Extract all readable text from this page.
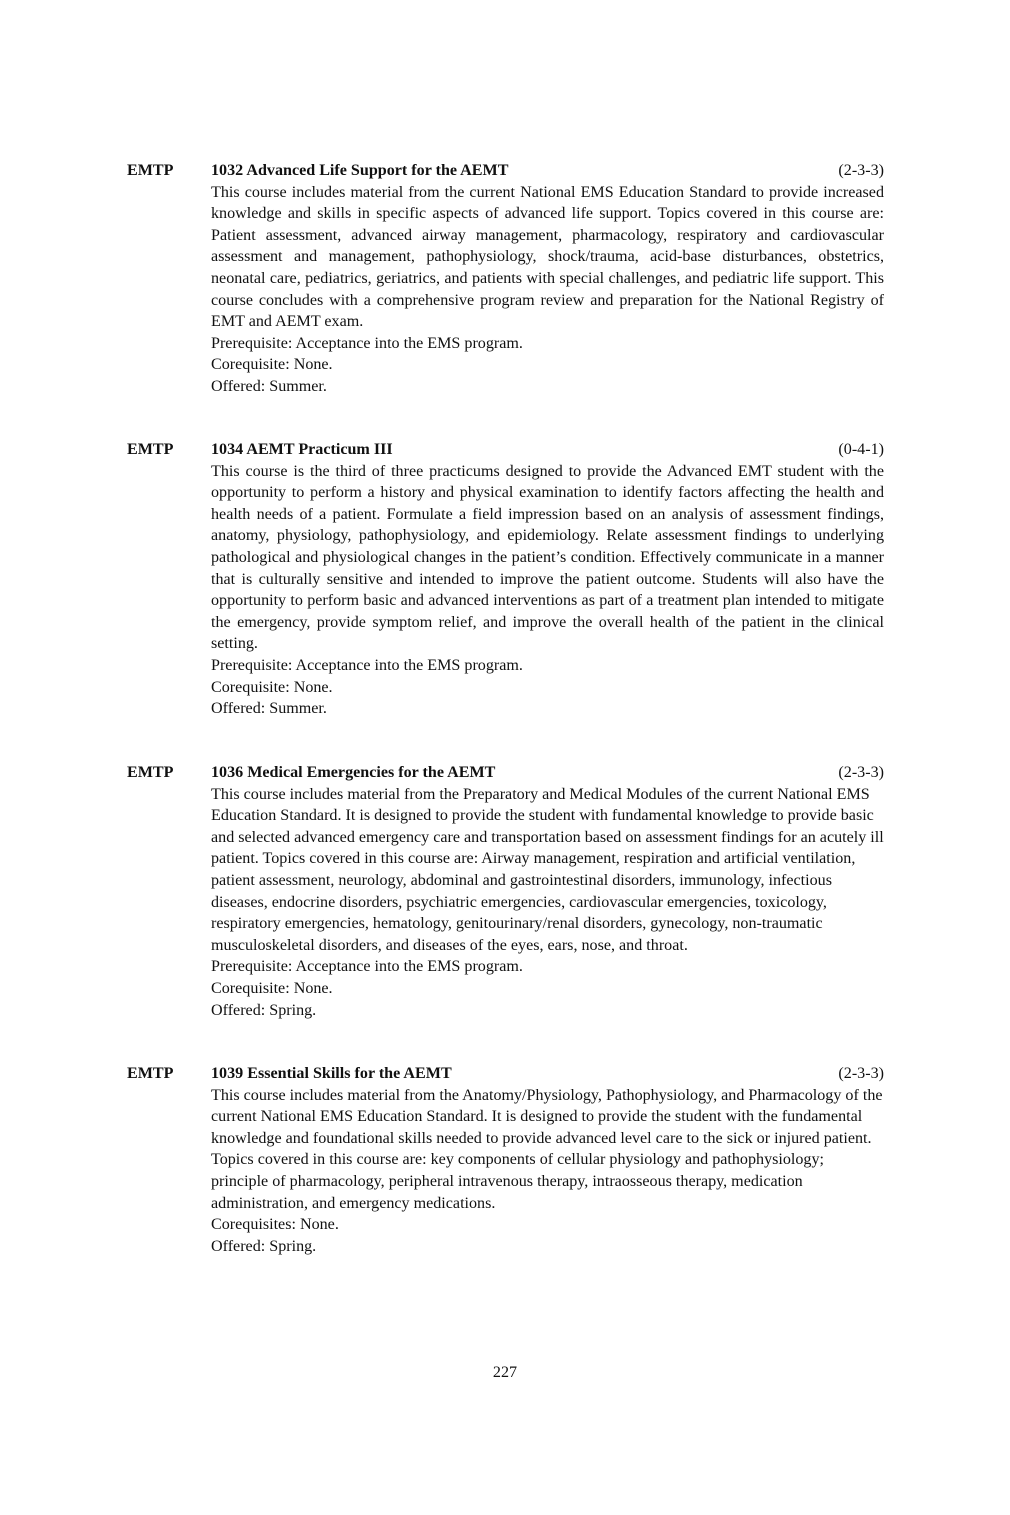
EMTP 1032 Advanced Life Support for the AEMT	(2-3-3)
This course includes material from the current National EMS Education Standard to provide increased knowledge and skills in specific aspects of advanced life support. Topics covered in this course are: Patient assessment, advanced airway management, pharmacology, respiratory and cardiovascular assessment and management, pathophysiology, shock/trauma, acid-base disturbances, obstetrics, neonatal care, pediatrics, geriatrics, and patients with special challenges, and pediatric life support. This course concludes with a comprehensive program review and preparation for the National Registry of EMT and AEMT exam.
Prerequisite: Acceptance into the EMS program.
Corequisite: None.
Offered: Summer.
EMTP 1034 AEMT Practicum III	(0-4-1)
This course is the third of three practicums designed to provide the Advanced EMT student with the opportunity to perform a history and physical examination to identify factors affecting the health and health needs of a patient. Formulate a field impression based on an analysis of assessment findings, anatomy, physiology, pathophysiology, and epidemiology. Relate assessment findings to underlying pathological and physiological changes in the patient’s condition. Effectively communicate in a manner that is culturally sensitive and intended to improve the patient outcome. Students will also have the opportunity to perform basic and advanced interventions as part of a treatment plan intended to mitigate the emergency, provide symptom relief, and improve the overall health of the patient in the clinical setting.
Prerequisite: Acceptance into the EMS program.
Corequisite: None.
Offered: Summer.
EMTP 1036 Medical Emergencies for the AEMT	(2-3-3)
This course includes material from the Preparatory and Medical Modules of the current National EMS Education Standard. It is designed to provide the student with fundamental knowledge to provide basic and selected advanced emergency care and transportation based on assessment findings for an acutely ill patient. Topics covered in this course are: Airway management, respiration and artificial ventilation, patient assessment, neurology, abdominal and gastrointestinal disorders, immunology, infectious diseases, endocrine disorders, psychiatric emergencies, cardiovascular emergencies, toxicology, respiratory emergencies, hematology, genitourinary/renal disorders, gynecology, non-traumatic musculoskeletal disorders, and diseases of the eyes, ears, nose, and throat.
Prerequisite: Acceptance into the EMS program.
Corequisite: None.
Offered: Spring.
EMTP 1039 Essential Skills for the AEMT	(2-3-3)
This course includes material from the Anatomy/Physiology, Pathophysiology, and Pharmacology of the current National EMS Education Standard. It is designed to provide the student with the fundamental knowledge and foundational skills needed to provide advanced level care to the sick or injured patient. Topics covered in this course are: key components of cellular physiology and pathophysiology; principle of pharmacology, peripheral intravenous therapy, intraosseous therapy, medication administration, and emergency medications.
Corequisites: None.
Offered: Spring.
227
